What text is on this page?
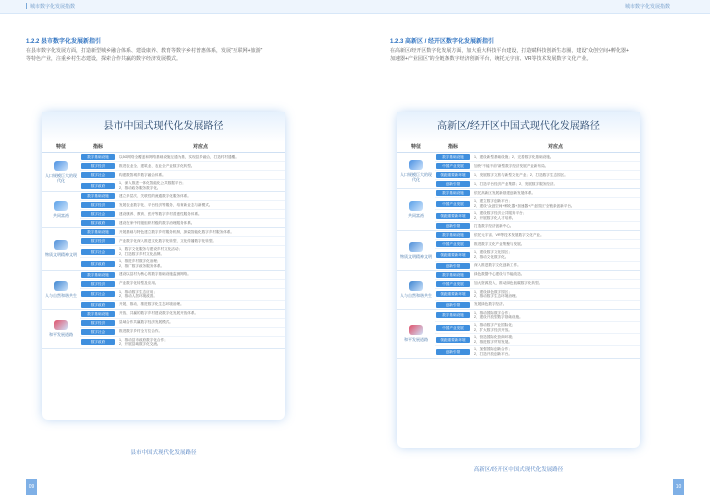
城市数字化发展指数	城市数字化发展指数
1.2.2 县市数字化发展新指引
在县市数字化发展方面，打造新型城乡融合体系、建设康养、教育等数字乡村普惠体系，发展“互联网+旅游”
等特色产业，注重乡村生态建设，探索合作共赢的数字经济发展模式。
县市中国式现代化发展路径
特征	指标	对应点
人口规模巨大的现代化
数字基础设施	以5G网络全覆盖和网络基础设施互通为基，实现县乡融合，打造村村通覆。
数字经济	推进农业全、建筑业、农业全产业数字化转型。
数字社会	构建数智城乡数字融合体系。
数字政府
1、深入推进一体化智能化公共数据平台；
2、推动政务服务数字化。
共同富裕
数字基础设施	建立多层次、关联性的流通数字化服务体系。
数字经济	发展农业数字化、平台经济等服务，培育新业态与新模式。
数字社会	建设康养、教育、医疗等数字乡村普惠性服务体系。
数字政府	建设在家中村级组织村级的数字治理服务体系。
物质文明精神文明
数字基础设施	开展基础与特色建立数字乡村服务机制，探索智能化数字乡村服务体系。
数字经济	产业数字化深入推进文化数字化转型，文化传播数字化转型。
数字社会
1、数字文化服务与建设乡村文化活动；
2、打造数字乡村文化品牌。
数字政府
1、推进乡村数字化治理；
2、推广数字政务服务体系。
人与自然和谐共生
数字基础设施	建设以县村为核心的数字基础设施监测网络。
数字经济	产业数字化转型及应用。
数字社会
1、推动数字生态应用；
2、推动人居环境改善。
数字政府	开展、推动、推进数字化生态环境治理。
和平发展道路
数字基础设施	开放、共赢的数字乡村建设数字化发展开放体系。
数字经济	县域合作共赢数字经济发展模式。
数字社会	推进数字乡村全方位合作。
数字政府
1、推动县市政府数字化合作；
2、开展县域数字化交流。
县市中国式现代化发展路径
09
1.2.3 高新区 / 经开区数字化发展新指引
在高新区/经开区数字化发展方面，加大重大科技平台建设，打造赋科技创新生态圈，建设“众创空间+孵化器+
加速器+产业园区”的全链条数字经济创新平台，统托元宇宙、VR等技术发展数字文化产业。
高新区/经开区中国式现代化发展路径
特征	指标	对应点
人口规模巨大的现代化
数字基础设施	1、建设新型基础设施；2、完善数字化基础设施。
中国产业发展	加快“不能不前”新型数字经济发展产业新布局。
领跑重要新环境	1、发展数字文旅与新型文化产业；2、打造数字生态园区。
创新引领	1、打造平台经济产业集群；2、发展数字服务经济。
共同富裕
数字基础设施	依托高新区发展新基建创新发展体系。
中国产业发展
1、建立数字创新平台；
2、建设“众创空间+孵化器+加速器+产业园区”全链条创新平台。
领跑重要新环境
1、建设数字经济公共服务平台；
2、开展数字化人才培养。
创新引领	打造数字经济创新中心。
物质文明精神文明
数字基础设施	依托元宇宙、VR等技术发展数字文化产业。
中国产业发展	推进数字文化产业集聚与发展。
领跑重要新环境
1、建设数字文化园区；
2、推动文化数字化。
创新引领	深入推进数字文化创新工作。
人与自然和谐共生
数字基础设施	绿色数据中心建设与节能改造。
中国产业发展	加大资源投入，推动绿色低碳数字化转型。
领跑重要新环境
1、建设绿色数字园区；
2、推动数字生态环境治理。
创新引领	发展绿色数字经济。
和平发展道路
数字基础设施
1、推动国际数字合作；
2、建设开放型数字基础设施。
中国产业发展
1、推动数字产业国际化；
2、扩大数字经济开放。
领跑重要新环境
1、营造国际化营商环境；
2、推进数字贸易发展。
创新引领
1、加强国际创新合作；
2、打造开放创新平台。
高新区/经开区中国式现代化发展路径
10
